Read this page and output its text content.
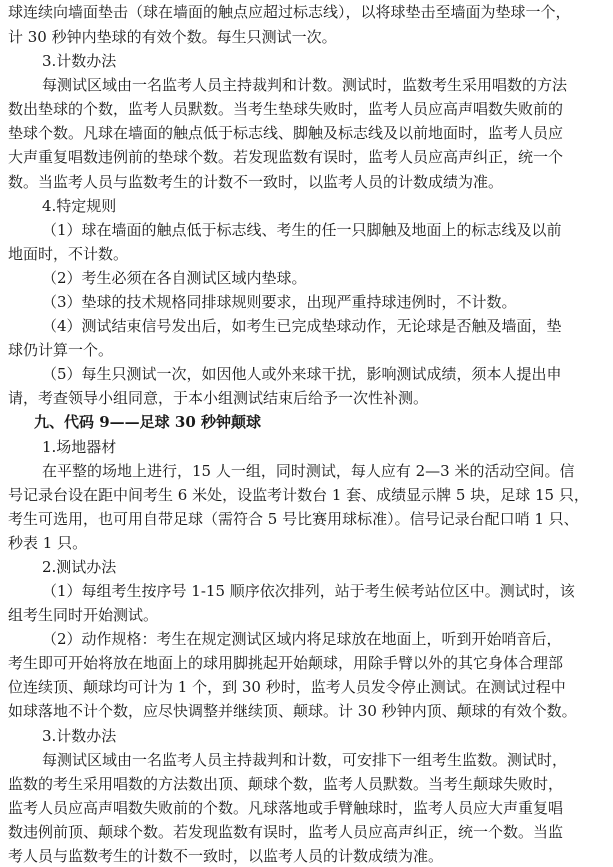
球连续向墙面垫击（球在墙面的触点应超过标志线），以将球垫击至墙面为垫球一个，
计 30 秒钟内垫球的有效个数。每生只测试一次。
3.计数办法
每测试区域由一名监考人员主持裁判和计数。测试时，监数考生采用唱数的方法
数出垫球的个数，监考人员默数。当考生垫球失败时，监考人员应高声唱数失败前的
垫球个数。凡球在墙面的触点低于标志线、脚触及标志线及以前地面时，监考人员应
大声重复唱数违例前的垫球个数。若发现监数有误时，监考人员应高声纠正，统一个
数。当监考人员与监数考生的计数不一致时，以监考人员的计数成绩为准。
4.特定规则
（1）球在墙面的触点低于标志线、考生的任一只脚触及地面上的标志线及以前
地面时，不计数。
（2）考生必须在各自测试区域内垫球。
（3）垫球的技术规格同排球规则要求，出现严重持球违例时，不计数。
（4）测试结束信号发出后，如考生已完成垫球动作，无论球是否触及墙面，垫
球仍计算一个。
（5）每生只测试一次，如因他人或外来球干扰，影响测试成绩，须本人提出申
请，考查领导小组同意，于本小组测试结束后给予一次性补测。
九、代码 9——足球 30 秒钟颠球
1.场地器材
在平整的场地上进行，15 人一组，同时测试，每人应有 2—3 米的活动空间。信
号记录台设在距中间考生 6 米处，设监考计数台 1 套、成绩显示牌 5 块，足球 15 只，
考生可选用，也可用自带足球（需符合 5 号比赛用球标准）。信号记录台配口哨 1 只、
秒表 1 只。
2.测试办法
（1）每组考生按序号 1-15 顺序依次排列，站于考生候考站位区中。测试时，该
组考生同时开始测试。
（2）动作规格：考生在规定测试区域内将足球放在地面上，听到开始哨音后，
考生即可开始将放在地面上的球用脚挑起开始颠球，用除手臂以外的其它身体合理部
位连续顶、颠球均可计为 1 个，到 30 秒时，监考人员发令停止测试。在测试过程中
如球落地不计个数，应尽快调整并继续顶、颠球。计 30 秒钟内顶、颠球的有效个数。
3.计数办法
每测试区域由一名监考人员主持裁判和计数，可安排下一组考生监数。测试时，
监数的考生采用唱数的方法数出顶、颠球个数，监考人员默数。当考生颠球失败时，
监考人员应高声唱数失败前的个数。凡球落地或手臂触球时，监考人员应大声重复唱
数违例前顶、颠球个数。若发现监数有误时，监考人员应高声纠正，统一个数。当监
考人员与监数考生的计数不一致时，以监考人员的计数成绩为准。
